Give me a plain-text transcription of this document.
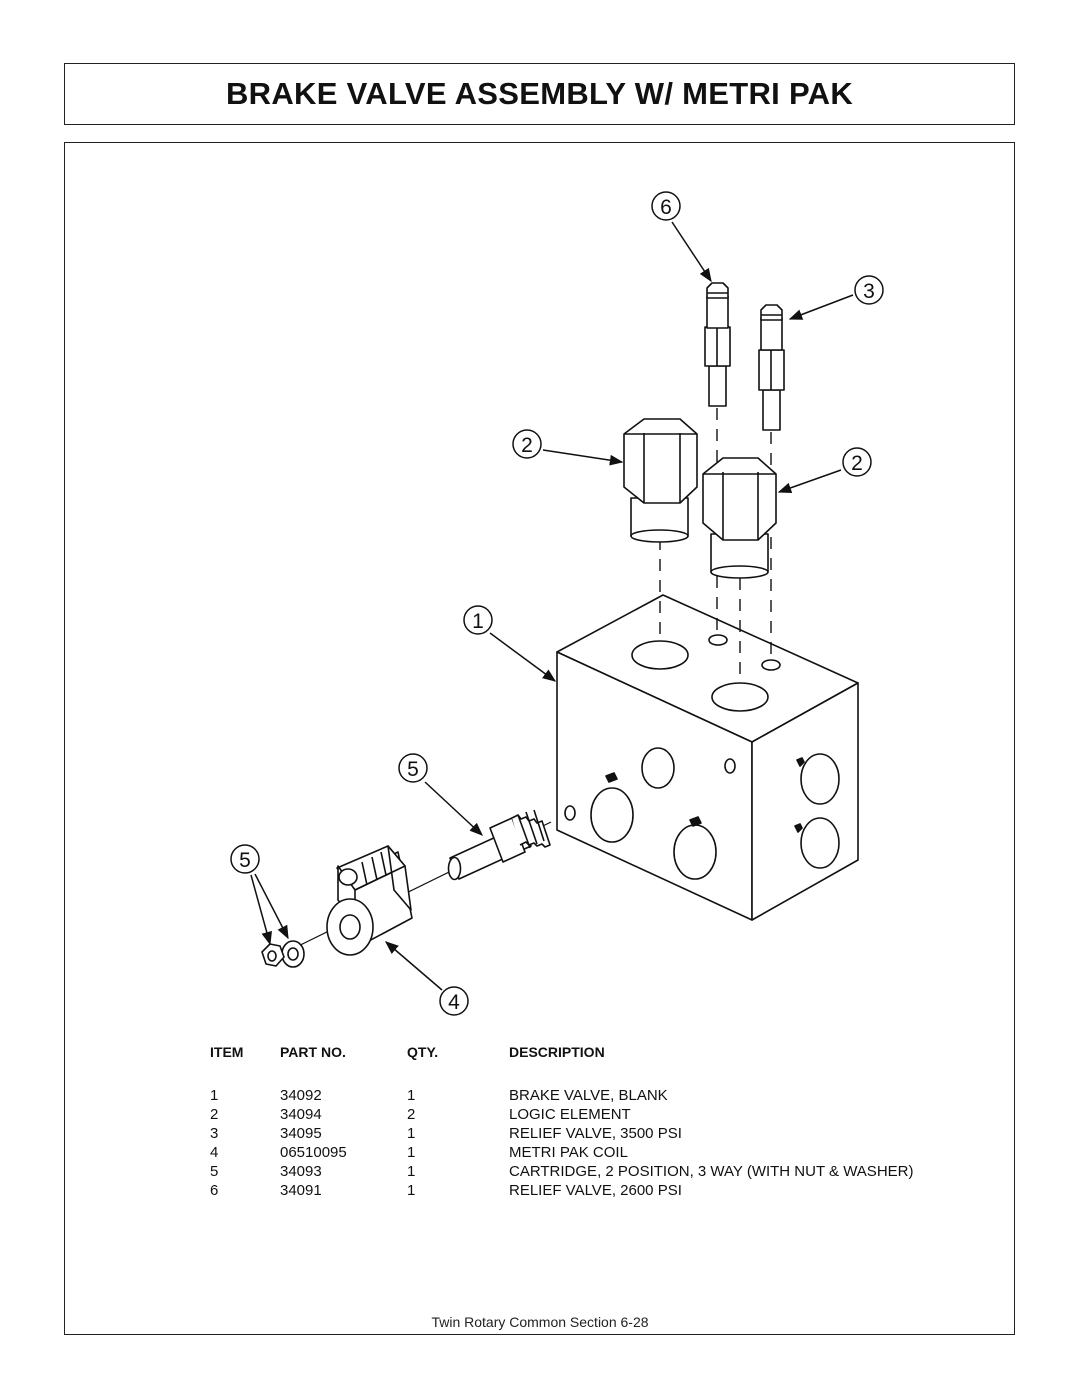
BRAKE VALVE ASSEMBLY W/ METRI PAK
6
3
2
2
1
5
5
4
ITEM	PART NO.	QTY.	DESCRIPTION

1	34092	1	BRAKE VALVE, BLANK
2	34094	2	LOGIC ELEMENT
3	34095	1	RELIEF VALVE, 3500 PSI
4	06510095	1	METRI PAK COIL
5	34093	1	CARTRIDGE, 2 POSITION, 3 WAY (WITH NUT & WASHER)
6	34091	1	RELIEF VALVE, 2600 PSI
Twin Rotary Common Section 6-28
